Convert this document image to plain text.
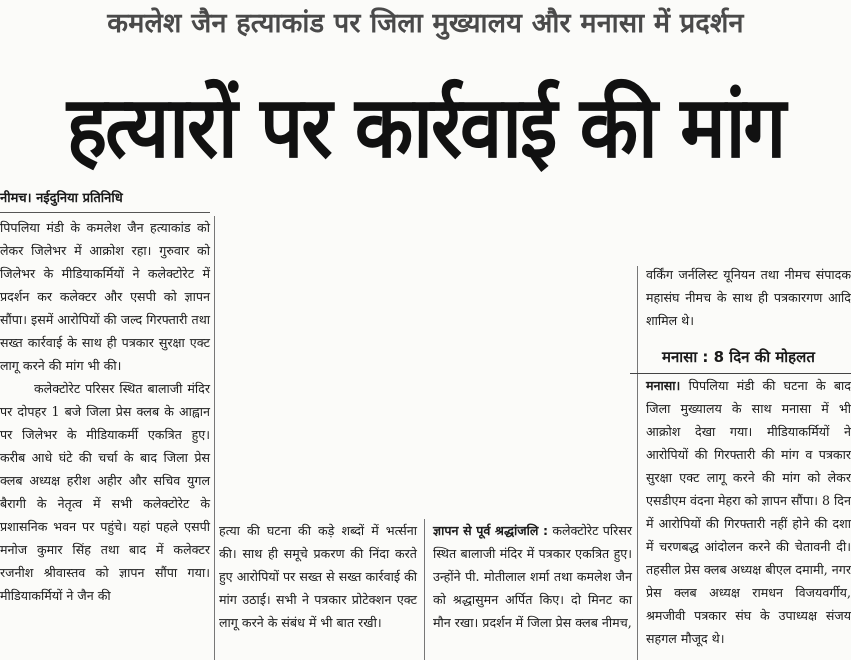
कमलेश जैन हत्याकांड पर जिला मुख्यालय और मनासा में प्रदर्शन
हत्यारों पर कार्रवाई की मांग
नीमच। नईदुनिया प्रतिनिधि

पिपलिया मंडी के कमलेश जैन हत्याकांड को लेकर जिलेभर में आक्रोश रहा। गुरुवार को जिलेभर के मीडियाकर्मियों ने कलेक्टोरेट में प्रदर्शन कर कलेक्टर और एसपी को ज्ञापन सौंपा। इसमें आरोपियों की जल्द गिरफ्तारी तथा सख्त कार्रवाई के साथ ही पत्रकार सुरक्षा एक्ट लागू करने की मांग भी की।

कलेक्टोरेट परिसर स्थित बालाजी मंदिर पर दोपहर 1 बजे जिला प्रेस क्लब के आह्वान पर जिलेभर के मीडियाकर्मी एकत्रित हुए। करीब आधे घंटे की चर्चा के बाद जिला प्रेस क्लब अध्यक्ष हरीश अहीर और सचिव युगल बैरागी के नेतृत्व में सभी कलेक्टोरेट के प्रशासनिक भवन पर पहुंचे। यहां पहले एसपी मनोज कुमार सिंह तथा बाद में कलेक्टर रजनीश श्रीवास्तव को ज्ञापन सौंपा गया। मीडियाकर्मियों ने जैन की

हत्या की घटना की कड़े शब्दों में भर्त्सना की। साथ ही समूचे प्रकरण की निंदा करते हुए आरोपियों पर सख्त से सख्त कार्रवाई की मांग उठाई। सभी ने पत्रकार प्रोटेक्शन एक्ट लागू करने के संबंध में भी बात रखी।

ज्ञापन से पूर्व श्रद्धांजलि : कलेक्टोरेट परिसर स्थित बालाजी मंदिर में पत्रकार एकत्रित हुए। उन्होंने पी. मोतीलाल शर्मा तथा कमलेश जैन को श्रद्धासुमन अर्पित किए। दो मिनट का मौन रखा। प्रदर्शन में जिला प्रेस क्लब नीमच,

वर्किंग जर्नलिस्ट यूनियन तथा नीमच संपादक महासंघ नीमच के साथ ही पत्रकारगण आदि शामिल थे।

मनासा : 8 दिन की मोहलत

मनासा। पिपलिया मंडी की घटना के बाद जिला मुख्यालय के साथ मनासा में भी आक्रोश देखा गया। मीडियाकर्मियों ने आरोपियों की गिरफ्तारी की मांग व पत्रकार सुरक्षा एक्ट लागू करने की मांग को लेकर एसडीएम वंदना मेहरा को ज्ञापन सौंपा। 8 दिन में आरोपियों की गिरफ्तारी नहीं होने की दशा में चरणबद्ध आंदोलन करने की चेतावनी दी। तहसील प्रेस क्लब अध्यक्ष बीएल दमामी, नगर प्रेस क्लब अध्यक्ष रामधन विजयवर्गीय, श्रमजीवी पत्रकार संघ के उपाध्यक्ष संजय सहगल मौजूद थे।
